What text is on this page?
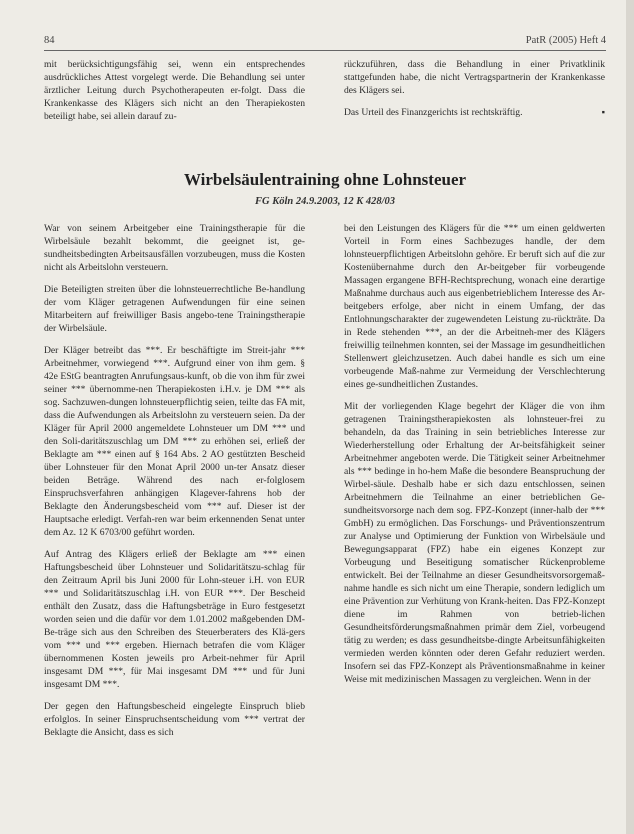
84	PatR (2005) Heft 4

mit berücksichtigungsfähig sei, wenn ein entsprechendes ausdrückliches Attest vorgelegt werde. Die Behandlung sei unter ärztlicher Leitung durch Psychotherapeuten er-folgt. Dass die Krankenkasse des Klägers sich nicht an den Therapiekosten beteiligt habe, sei allein darauf zu-

rückzuführen, dass die Behandlung in einer Privatklinik stattgefunden habe, die nicht Vertragspartnerin der Krankenkasse des Klägers sei.

Das Urteil des Finanzgerichts ist rechtskräftig.	▪

Wirbelsäulentraining ohne Lohnsteuer
FG Köln 24.9.2003, 12 K 428/03

War von seinem Arbeitgeber eine Trainingstherapie für die Wirbelsäule bezahlt bekommt, die geeignet ist, ge-sundheitsbedingten Arbeitsausfällen vorzubeugen, muss die Kosten nicht als Arbeitslohn versteuern.

Die Beteiligten streiten über die lohnsteuerrechtliche Be-handlung der vom Kläger getragenen Aufwendungen für eine seinen Mitarbeitern auf freiwilliger Basis angebo-tene Trainingstherapie der Wirbelsäule.

Der Kläger betreibt das ***. Er beschäftigte im Streit-jahr *** Arbeitnehmer, vorwiegend ***. Aufgrund einer von ihm gem. § 42e EStG beantragten Anrufungsaus-kunft, ob die von ihm für zwei seiner *** übernomme-nen Therapiekosten i.H.v. je DM *** als sog. Sachzuwen-dungen lohnsteuerpflichtig seien, teilte das FA mit, dass die Aufwendungen als Arbeitslohn zu versteuern seien. Da der Kläger für April 2000 angemeldete Lohnsteuer um DM *** und den Soli-daritätszuschlag um DM *** zu erhöhen sei, erließ der Beklagte am *** einen auf § 164 Abs. 2 AO gestützten Bescheid über Lohnsteuer für den Monat April 2000 un-ter Ansatz dieser beiden Beträge. Während des nach er-folglosem Einspruchsverfahren anhängigen Klagever-fahrens hob der Beklagte den Änderungsbescheid vom *** auf. Dieser ist der Hauptsache erledigt. Verfah-ren war beim erkennenden Senat unter dem Az. 12 K 6703/00 geführt worden.

Auf Antrag des Klägers erließ der Beklagte am *** einen Haftungsbescheid über Lohnsteuer und Solidaritätszu-schlag für den Zeitraum April bis Juni 2000 für Lohn-steuer i.H. von EUR *** und Solidaritätszuschlag i.H. von EUR ***. Der Bescheid enthält den Zusatz, dass die Haftungsbeträge in Euro festgesetzt worden seien und die dafür vor dem 1.01.2002 maßgebenden DM-Be-träge sich aus den Schreiben des Steuerberaters des Klä-gers vom *** und *** ergeben. Hiernach betrafen die vom Kläger übernommenen Kosten jeweils pro Arbeit-nehmer für April insgesamt DM ***, für Mai insgesamt DM *** und für Juni insgesamt DM ***.

Der gegen den Haftungsbescheid eingelegte Einspruch blieb erfolglos. In seiner Einspruchsentscheidung vom *** vertrat der Beklagte die Ansicht, dass es sich

bei den Leistungen des Klägers für die *** um einen geldwerten Vorteil in Form eines Sachbezuges handle, der dem lohnsteuerpflichtigen Arbeitslohn gehöre. Er beruft sich auf die zur Kostenübernahme durch den Ar-beitgeber für vorbeugende Massagen ergangene BFH-Rechtsprechung, wonach eine derartige Maßnahme durchaus auch aus eigenbetrieblichem Interesse des Ar-beitgebers erfolge, aber nicht in einem Umfang, der das Entlohnungscharakter der zugewendeten Leistung zu-rückträte. Da in Rede stehenden ***, an der die Arbeitneh-mer des Klägers freiwillig teilnehmen konnten, sei der Massage im gesundheitlichen Stellenwert gleichzusetzen. Auch dabei handle es sich um eine vorbeugende Maß-nahme zur Vermeidung der Verschlechterung eines ge-sundheitlichen Zustandes.

Mit der vorliegenden Klage begehrt der Kläger die von ihm getragenen Trainingstherapiekosten als lohnsteuer-frei zu behandeln, da das Training in sein betriebliches Interesse zur Wiederherstellung oder Erhaltung der Ar-beitsfähigkeit seiner Arbeitnehmer angeboten werde. Die Tätigkeit seiner Arbeitnehmer als *** bedinge in ho-hem Maße die besondere Beanspruchung der Wirbel-säule. Deshalb habe er sich dazu entschlossen, seinen Arbeitnehmern die Teilnahme an einer betrieblichen Ge-sundheitsvorsorge nach dem sog. FPZ-Konzept (inner-halb der *** GmbH) zu ermöglichen. Das Forschungs- und Präventionszentrum zur Analyse und Optimierung der Funktion von Wirbelsäule und Bewegungsapparat (FPZ) habe ein eigenes Konzept zur Vorbeugung und Beseitigung somatischer Rückenprobleme entwickelt. Bei der Teilnahme an dieser Gesundheitsvorsorgemaß-nahme handle es sich nicht um eine Therapie, sondern lediglich um eine Prävention zur Verhütung von Krank-heiten. Das FPZ-Konzept diene im Rahmen von betrieb-lichen Gesundheitsförderungsmaßnahmen primär dem Ziel, vorbeugend tätig zu werden; es dass gesundheitsbe-dingte Arbeitsunfähigkeiten vermieden werden könnten oder deren Gefahr reduziert werden. Insofern sei das FPZ-Konzept als Präventionsmaßnahme in keiner Weise mit medizinischen Massagen zu vergleichen. Wenn in der
